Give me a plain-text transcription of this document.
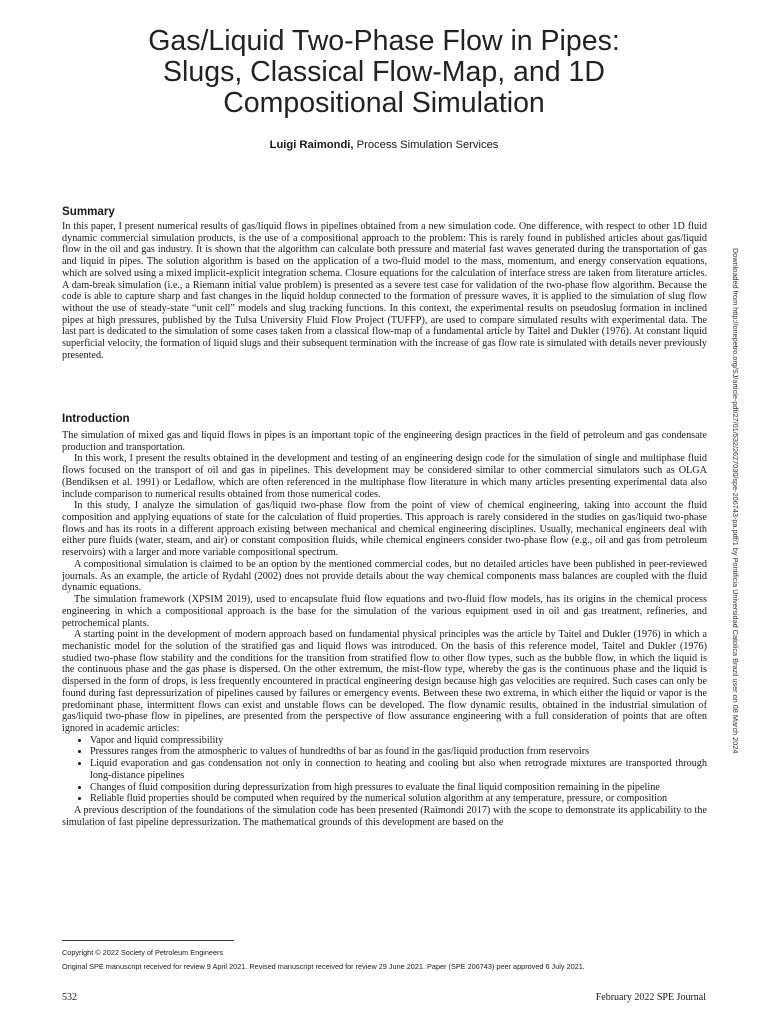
Gas/Liquid Two-Phase Flow in Pipes:
Slugs, Classical Flow-Map, and 1D
Compositional Simulation

Luigi Raimondi, Process Simulation Services

Summary

In this paper, I present numerical results of gas/liquid flows in pipelines obtained from a new simulation code. One difference, with respect to other 1D fluid dynamic commercial simulation products, is the use of a compositional approach to the problem: This is rarely found in published articles about gas/liquid flow in the oil and gas industry. It is shown that the algorithm can calculate both pressure and material fast waves generated during the transportation of gas and liquid in pipes. The solution algorithm is based on the application of a two-fluid model to the mass, momentum, and energy conservation equations, which are solved using a mixed implicit-explicit integration schema. Closure equations for the calculation of interface stress are taken from literature articles. A dam-break simulation (i.e., a Riemann initial value problem) is presented as a severe test case for validation of the two-phase flow algorithm. Because the code is able to capture sharp and fast changes in the liquid holdup connected to the formation of pressure waves, it is applied to the simulation of slug flow without the use of steady-state “unit cell” models and slug tracking functions. In this context, the experimental results on pseudoslug formation in inclined pipes at high pressures, published by the Tulsa University Fluid Flow Project (TUFFP), are used to compare simulated results with experimental data. The last part is dedicated to the simulation of some cases taken from a classical flow-map of a fundamental article by Taitel and Dukler (1976). At constant liquid superficial velocity, the formation of liquid slugs and their subsequent termination with the increase of gas flow rate is simulated with details never previously presented.

Introduction

The simulation of mixed gas and liquid flows in pipes is an important topic of the engineering design practices in the field of petroleum and gas condensate production and transportation.

In this work, I present the results obtained in the development and testing of an engineering design code for the simulation of single and multiphase fluid flows focused on the transport of oil and gas in pipelines. This development may be considered similar to other commercial simulators such as OLGA (Bendiksen et al. 1991) or Ledaflow, which are often referenced in the multiphase flow literature in which many articles presenting experimental data also include comparison to numerical results obtained from those numerical codes.

In this study, I analyze the simulation of gas/liquid two-phase flow from the point of view of chemical engineering, taking into account the fluid composition and applying equations of state for the calculation of fluid properties. This approach is rarely considered in the studies on gas/liquid two-phase flows and has its roots in a different approach existing between mechanical and chemical engineering disciplines. Usually, mechanical engineers deal with either pure fluids (water, steam, and air) or constant composition fluids, while chemical engineers consider two-phase flow (e.g., oil and gas from petroleum reservoirs) with a larger and more variable compositional spectrum.

A compositional simulation is claimed to be an option by the mentioned commercial codes, but no detailed articles have been published in peer-reviewed journals. As an example, the article of Rydahl (2002) does not provide details about the way chemical components mass balances are coupled with the fluid dynamic equations.

The simulation framework (XPSIM 2019), used to encapsulate fluid flow equations and two-fluid flow models, has its origins in the chemical process engineering in which a compositional approach is the base for the simulation of the various equipment used in oil and gas treatment, refineries, and petrochemical plants.

A starting point in the development of modern approach based on fundamental physical principles was the article by Taitel and Dukler (1976) in which a mechanistic model for the solution of the stratified gas and liquid flows was introduced. On the basis of this reference model, Taitel and Dukler (1976) studied two-phase flow stability and the conditions for the transition from stratified flow to other flow types, such as the bubble flow, in which the liquid is the continuous phase and the gas phase is dispersed. On the other extremum, the mist-flow type, whereby the gas is the continuous phase and the liquid is dispersed in the form of drops, is less frequently encountered in practical engineering design because high gas velocities are required. Such cases can only be found during fast depressurization of pipelines caused by failures or emergency events. Between these two extrema, in which either the liquid or vapor is the predominant phase, intermittent flows can exist and unstable flows can be developed. The flow dynamic results, obtained in the industrial simulation of gas/liquid two-phase flow in pipelines, are presented from the perspective of flow assurance engineering with a full consideration of points that are often ignored in academic articles:

• Vapor and liquid compressibility
• Pressures ranges from the atmospheric to values of hundredths of bar as found in the gas/liquid production from reservoirs
• Liquid evaporation and gas condensation not only in connection to heating and cooling but also when retrograde mixtures are transported through long-distance pipelines
• Changes of fluid composition during depressurization from high pressures to evaluate the final liquid composition remaining in the pipeline
• Reliable fluid properties should be computed when required by the numerical solution algorithm at any temperature, pressure, or composition

A previous description of the foundations of the simulation code has been presented (Raimondi 2017) with the scope to demonstrate its applicability to the simulation of fast pipeline depressurization. The mathematical grounds of this development are based on the

Copyright © 2022 Society of Petroleum Engineers

Original SPE manuscript received for review 9 April 2021. Revised manuscript received for review 29 June 2021. Paper (SPE 206743) peer approved 6 July 2021.

532	February 2022 SPE Journal

Downloaded from http://onepetro.org/SJ/article-pdf/27/01/532/2627030/spe-206743-pa.pdf/1 by Pontificia Universidad Catolica Brazil user on 08 March 2024
